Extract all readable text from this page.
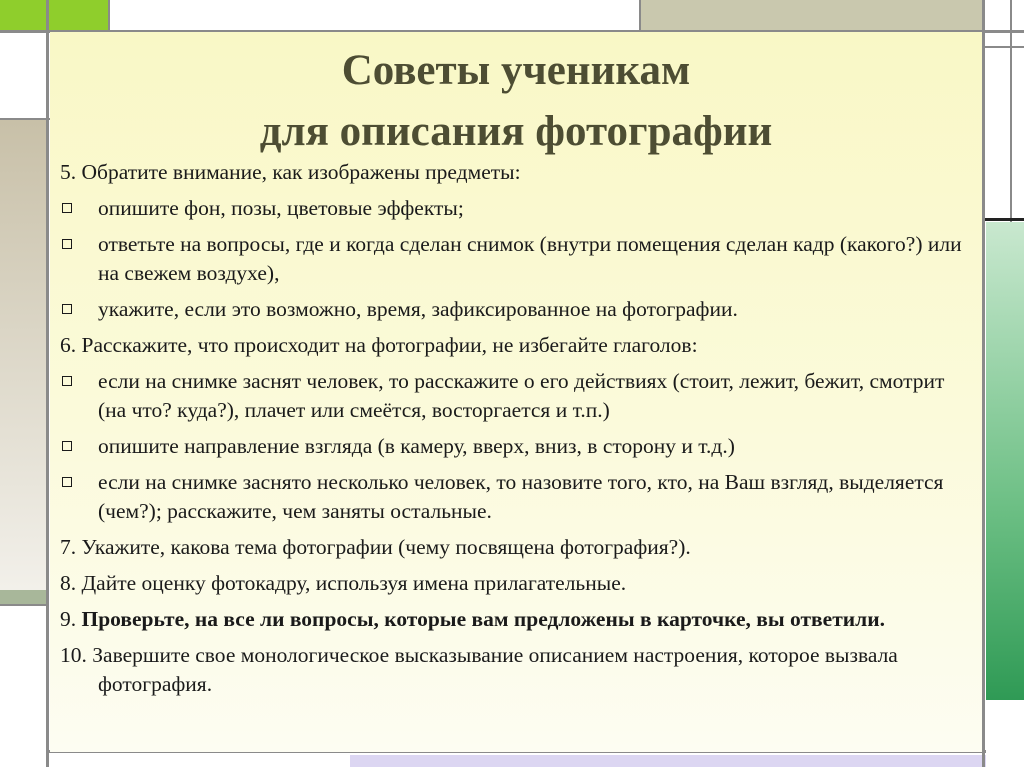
Советы ученикам
для описания фотографии
5. Обратите внимание, как изображены предметы:
опишите фон, позы, цветовые эффекты;
ответьте на вопросы, где и когда сделан снимок (внутри помещения сделан кадр (какого?) или на свежем воздухе),
укажите, если это возможно, время, зафиксированное на фотографии.
6. Расскажите, что происходит на фотографии, не избегайте глаголов:
если на снимке заснят человек, то расскажите о его действиях (стоит, лежит, бежит, смотрит (на что? куда?), плачет или смеётся, восторгается и т.п.)
опишите направление взгляда (в камеру, вверх, вниз, в сторону и т.д.)
если на снимке заснято несколько человек, то назовите того, кто, на Ваш взгляд, выделяется (чем?); расскажите, чем заняты остальные.
7. Укажите, какова тема фотографии (чему посвящена фотография?).
8. Дайте оценку фотокадру, используя имена прилагательные.
9. Проверьте, на все ли вопросы, которые вам предложены в карточке, вы ответили.
10. Завершите свое монологическое высказывание описанием настроения, которое вызвала фотография.
